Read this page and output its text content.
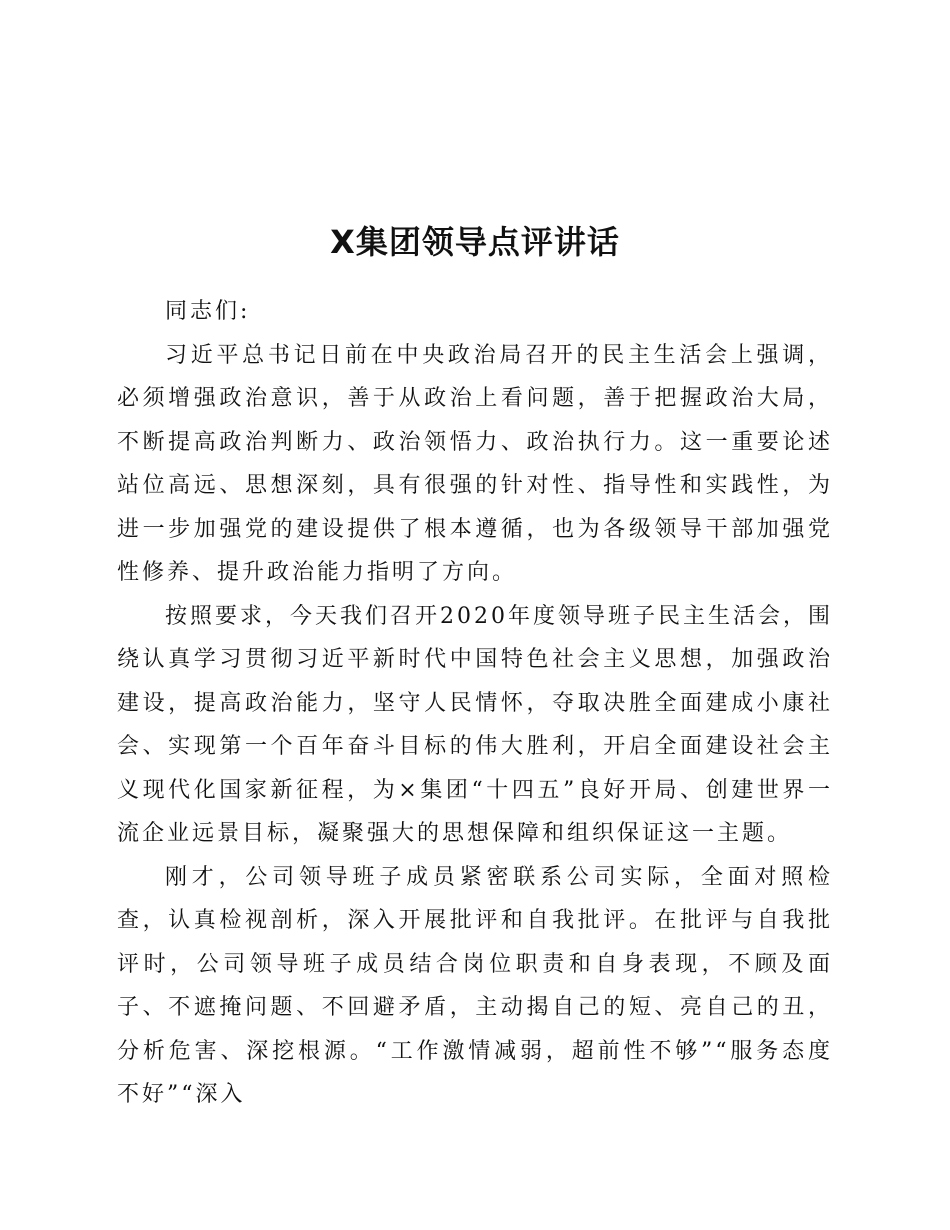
X集团领导点评讲话

同志们:

习近平总书记日前在中央政治局召开的民主生活会上强调，必须增强政治意识，善于从政治上看问题，善于把握政治大局，不断提高政治判断力、政治领悟力、政治执行力。这一重要论述站位高远、思想深刻，具有很强的针对性、指导性和实践性，为进一步加强党的建设提供了根本遵循，也为各级领导干部加强党性修养、提升政治能力指明了方向。

按照要求，今天我们召开2020年度领导班子民主生活会，围绕认真学习贯彻习近平新时代中国特色社会主义思想，加强政治建设，提高政治能力，坚守人民情怀，夺取决胜全面建成小康社会、实现第一个百年奋斗目标的伟大胜利，开启全面建设社会主义现代化国家新征程，为×集团“十四五”良好开局、创建世界一流企业远景目标，凝聚强大的思想保障和组织保证这一主题。

刚才，公司领导班子成员紧密联系公司实际，全面对照检查，认真检视剖析，深入开展批评和自我批评。在批评与自我批评时，公司领导班子成员结合岗位职责和自身表现，不顾及面子、不遮掩问题、不回避矛盾，主动揭自己的短、亮自己的丑，分析危害、深挖根源。“工作激情减弱，超前性不够”“服务态度不好”“深入
